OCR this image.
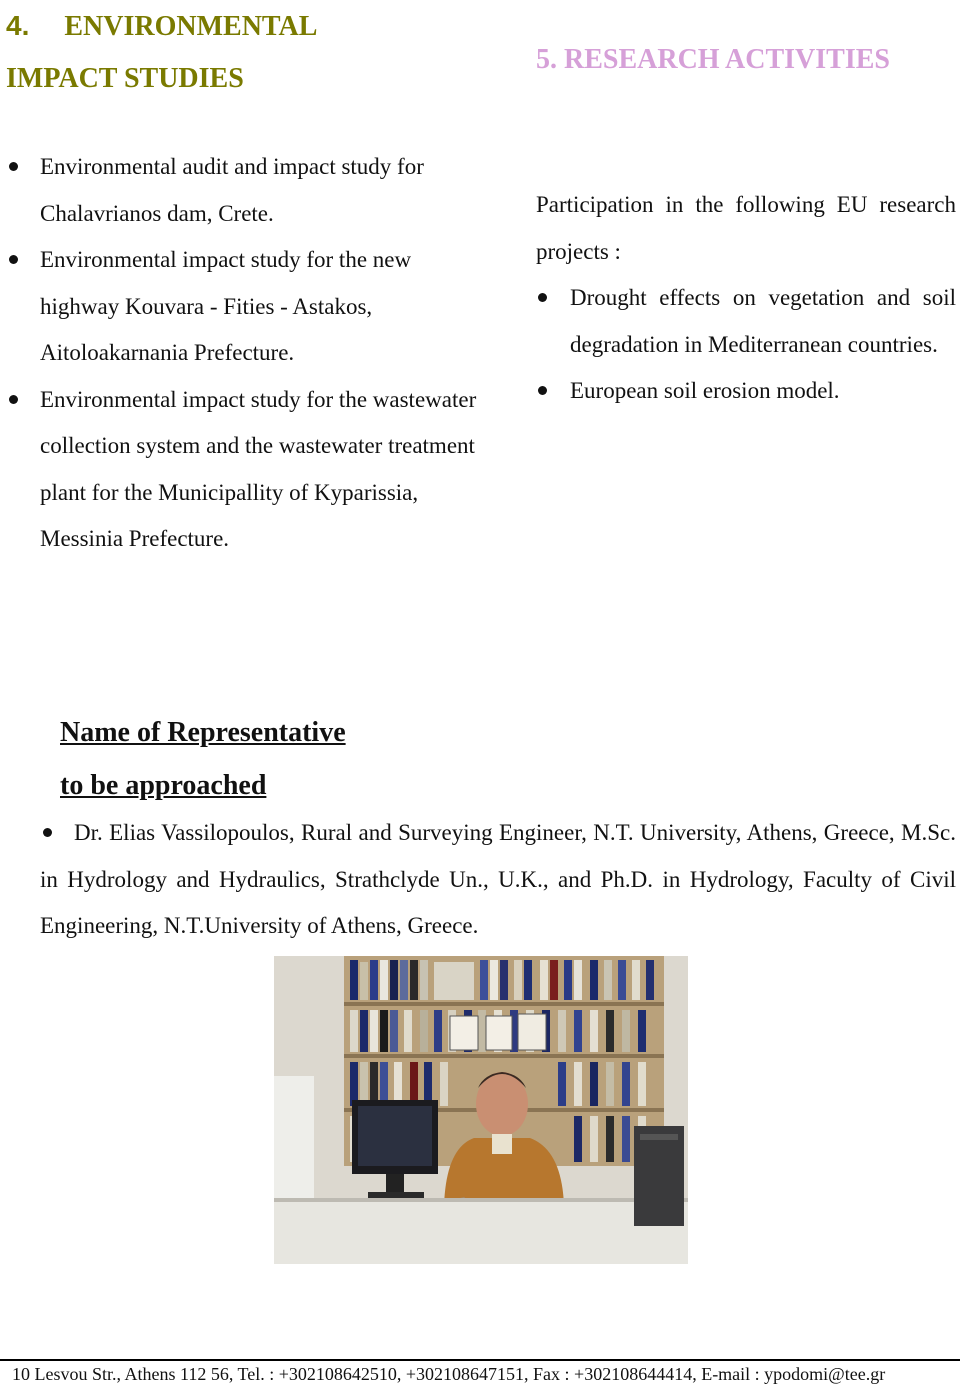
4. ENVIRONMENTAL
IMPACT STUDIES
5. RESEARCH ACTIVITIES
Environmental audit and impact study for Chalavrianos dam, Crete.
Environmental impact study for the new highway Kouvara - Fities - Astakos, Aitoloakarnania Prefecture.
Environmental impact study for the wastewater collection system and the wastewater treatment plant for the Municipallity of Kyparissia, Messinia Prefecture.

Participation in the following EU research projects :

Drought effects on vegetation and soil degradation in Mediterranean countries.
European soil erosion model.
Name of Representative
to be approached
Dr. Elias Vassilopoulos, Rural and Surveying Engineer, N.T. University, Athens, Greece, M.Sc. in Hydrology and Hydraulics, Strathclyde Un., U.K., and Ph.D. in Hydrology, Faculty of Civil Engineering, N.T.University of Athens, Greece.
10 Lesvou Str., Athens 112 56, Tel. : +302108642510, +302108647151, Fax : +302108644414, E-mail : ypodomi@tee.gr
